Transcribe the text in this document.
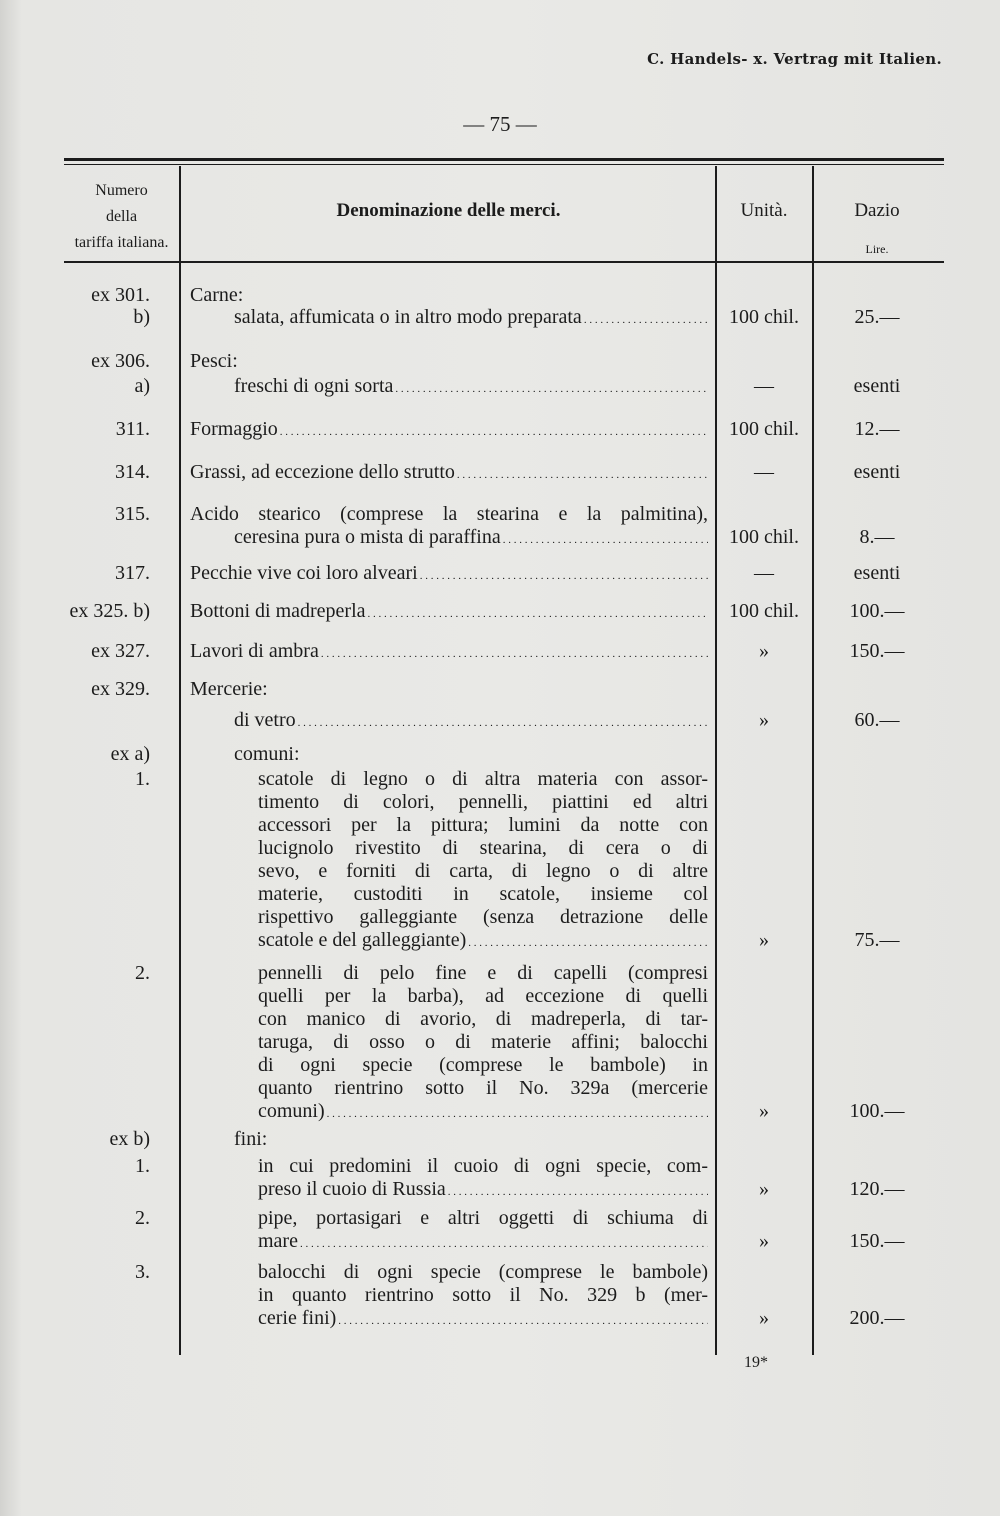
C. Handels- x. Vertrag mit Italien.
— 75 —
Numero
della
tariffa italiana.
Denominazione delle merci.	Unità.	Dazio
Lire.
ex 301. Carne:
b)	salata, affumicata o in altro modo preparata . . .	100 chil.	25.—
ex 306. Pesci:
a)	freschi di ogni sorta . . .	—	esenti
311. Formaggio . . .	100 chil.	12.—
314. Grassi, ad eccezione dello strutto . . .	—	esenti
315. Acido stearico (comprese la stearina e la palmitina),
ceresina pura o mista di paraffina . . .	100 chil.	8.—
317. Pecchie vive coi loro alveari . . .	—	esenti
ex 325. b) Bottoni di madreperla . . .	100 chil.	100.—
ex 327. Lavori di ambra . . .	»	150.—
ex 329. Mercerie:
di vetro . . .	»	60.—
ex a)	comuni:
1.	scatole di legno o di altra materia con assor-
timento di colori, pennelli, piattini ed altri
accessori per la pittura; lumini da notte con
lucignolo rivestito di stearina, di cera o di
sevo, e forniti di carta, di legno o di altre
materie, custoditi in scatole, insieme col
rispettivo galleggiante (senza detrazione delle
scatole e del galleggiante) . . .	»	75.—
2.	pennelli di pelo fine e di capelli (compresi
quelli per la barba), ad eccezione di quelli
con manico di avorio, di madreperla, di tar-
taruga, di osso o di materie affini; balocchi
di ogni specie (comprese le bambole) in
quanto rientrino sotto il No. 329a (mercerie
comuni) . . .	»	100.—
ex b)	fini:
1.	in cui predomini il cuoio di ogni specie, com-
preso il cuoio di Russia . . .	»	120.—
2.	pipe, portasigari e altri oggetti di schiuma di
mare . . .	»	150.—
3.	balocchi di ogni specie (comprese le bambole)
in quanto rientrino sotto il No. 329 b (mer-
cerie fini) . . .	»	200.—
19*
